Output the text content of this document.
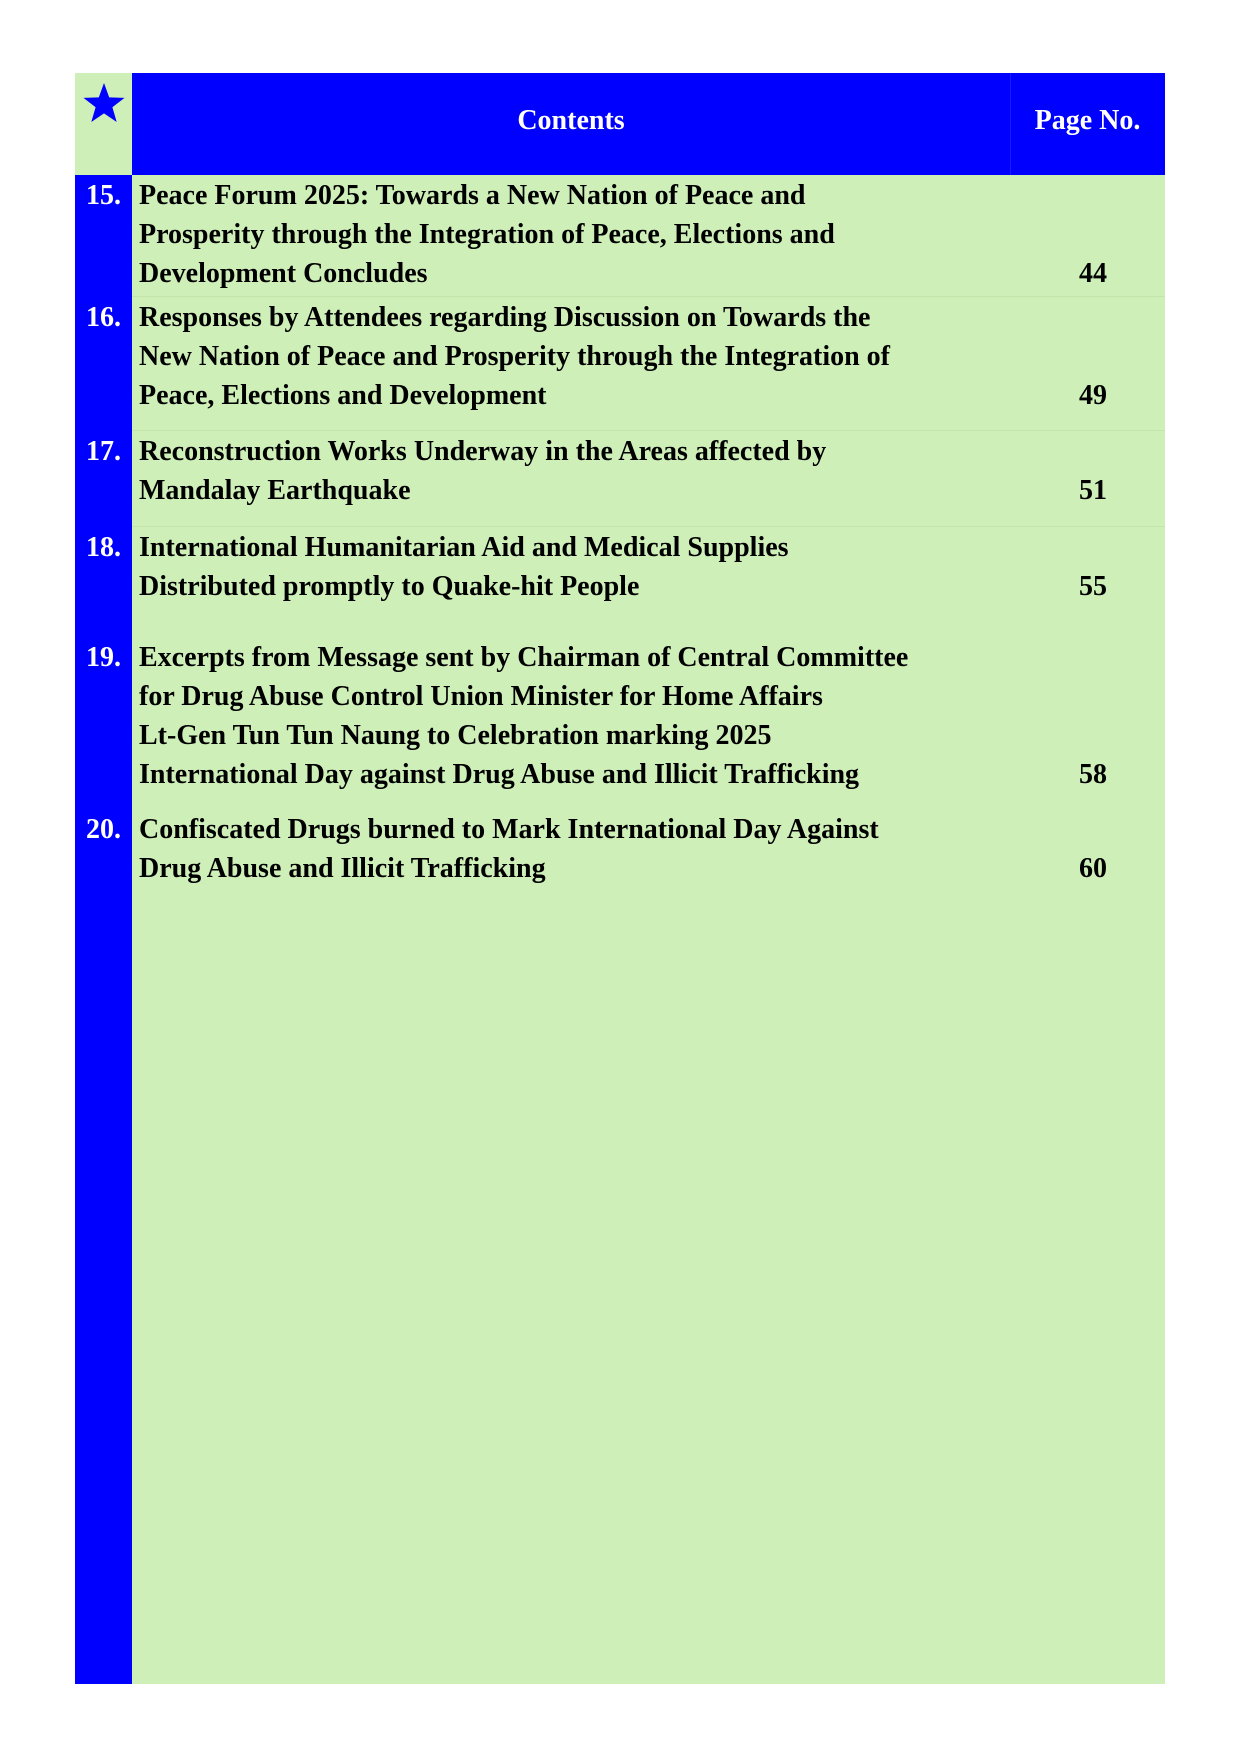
Contents	Page No.
15. Peace Forum 2025: Towards a New Nation of Peace and
Prosperity through the Integration of Peace, Elections and
Development Concludes	44
16. Responses by Attendees regarding Discussion on Towards the
New Nation of Peace and Prosperity through the Integration of
Peace, Elections and Development	49
17. Reconstruction Works Underway in the Areas affected by
Mandalay Earthquake	51
18. International Humanitarian Aid and Medical Supplies
Distributed promptly to Quake-hit People	55
19. Excerpts from Message sent by Chairman of Central Committee
for Drug Abuse Control Union Minister for Home Affairs
Lt-Gen Tun Tun Naung to Celebration marking 2025
International Day against Drug Abuse and Illicit Trafficking	58
20. Confiscated Drugs burned to Mark International Day Against
Drug Abuse and Illicit Trafficking	60
